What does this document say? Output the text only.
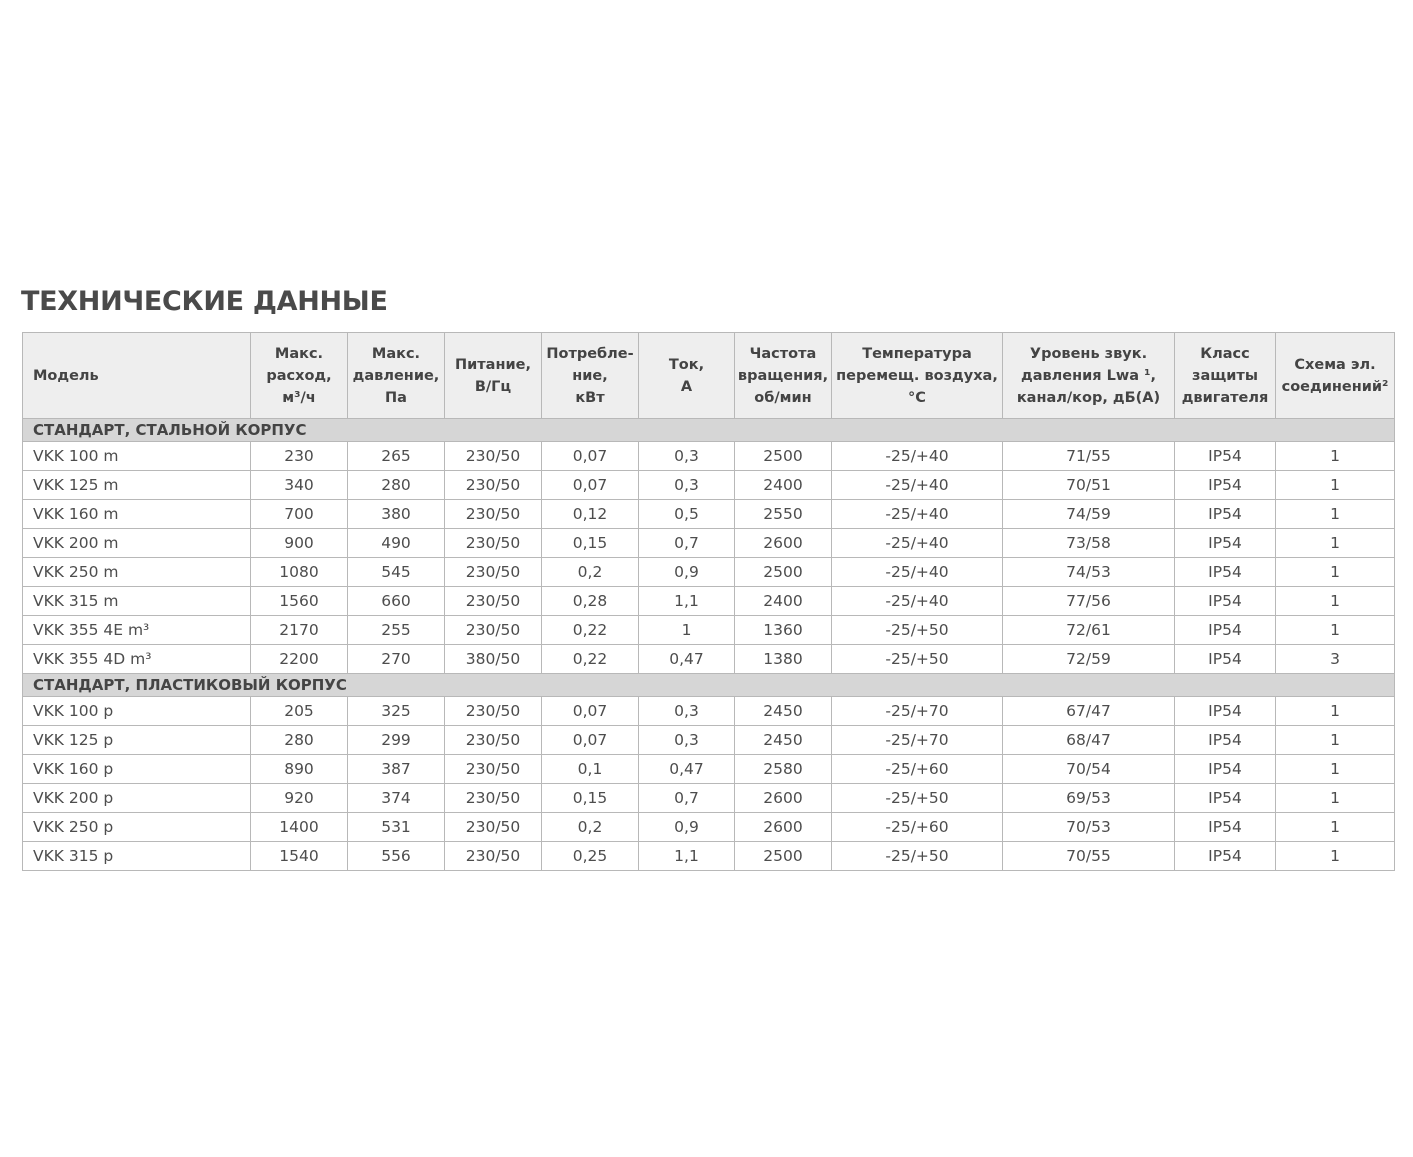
ТЕХНИЧЕСКИЕ ДАННЫЕ
Модель	Макс.
расход,
м³/ч	Макс.
давление,
Па	Питание,
В/Гц	Потребле-
ние,
кВт	Ток,
А	Частота
вращения,
об/мин	Температура
перемещ. воздуха,
°С	Уровень звук.
давления Lwa ¹,
канал/кор, дБ(А)	Класс
защиты
двигателя	Схема эл.
соединений²
СТАНДАРТ, СТАЛЬНОЙ КОРПУС										
VKK 100 m	230	265	230/50	0,07	0,3	2500	-25/+40	71/55	IP54	1
VKK 125 m	340	280	230/50	0,07	0,3	2400	-25/+40	70/51	IP54	1
VKK 160 m	700	380	230/50	0,12	0,5	2550	-25/+40	74/59	IP54	1
VKK 200 m	900	490	230/50	0,15	0,7	2600	-25/+40	73/58	IP54	1
VKK 250 m	1080	545	230/50	0,2	0,9	2500	-25/+40	74/53	IP54	1
VKK 315 m	1560	660	230/50	0,28	1,1	2400	-25/+40	77/56	IP54	1
VKK 355 4E m³	2170	255	230/50	0,22	1	1360	-25/+50	72/61	IP54	1
VKK 355 4D m³	2200	270	380/50	0,22	0,47	1380	-25/+50	72/59	IP54	3
СТАНДАРТ, ПЛАСТИКОВЫЙ КОРПУС										
VKK 100 p	205	325	230/50	0,07	0,3	2450	-25/+70	67/47	IP54	1
VKK 125 p	280	299	230/50	0,07	0,3	2450	-25/+70	68/47	IP54	1
VKK 160 p	890	387	230/50	0,1	0,47	2580	-25/+60	70/54	IP54	1
VKK 200 p	920	374	230/50	0,15	0,7	2600	-25/+50	69/53	IP54	1
VKK 250 p	1400	531	230/50	0,2	0,9	2600	-25/+60	70/53	IP54	1
VKK 315 p	1540	556	230/50	0,25	1,1	2500	-25/+50	70/55	IP54	1
